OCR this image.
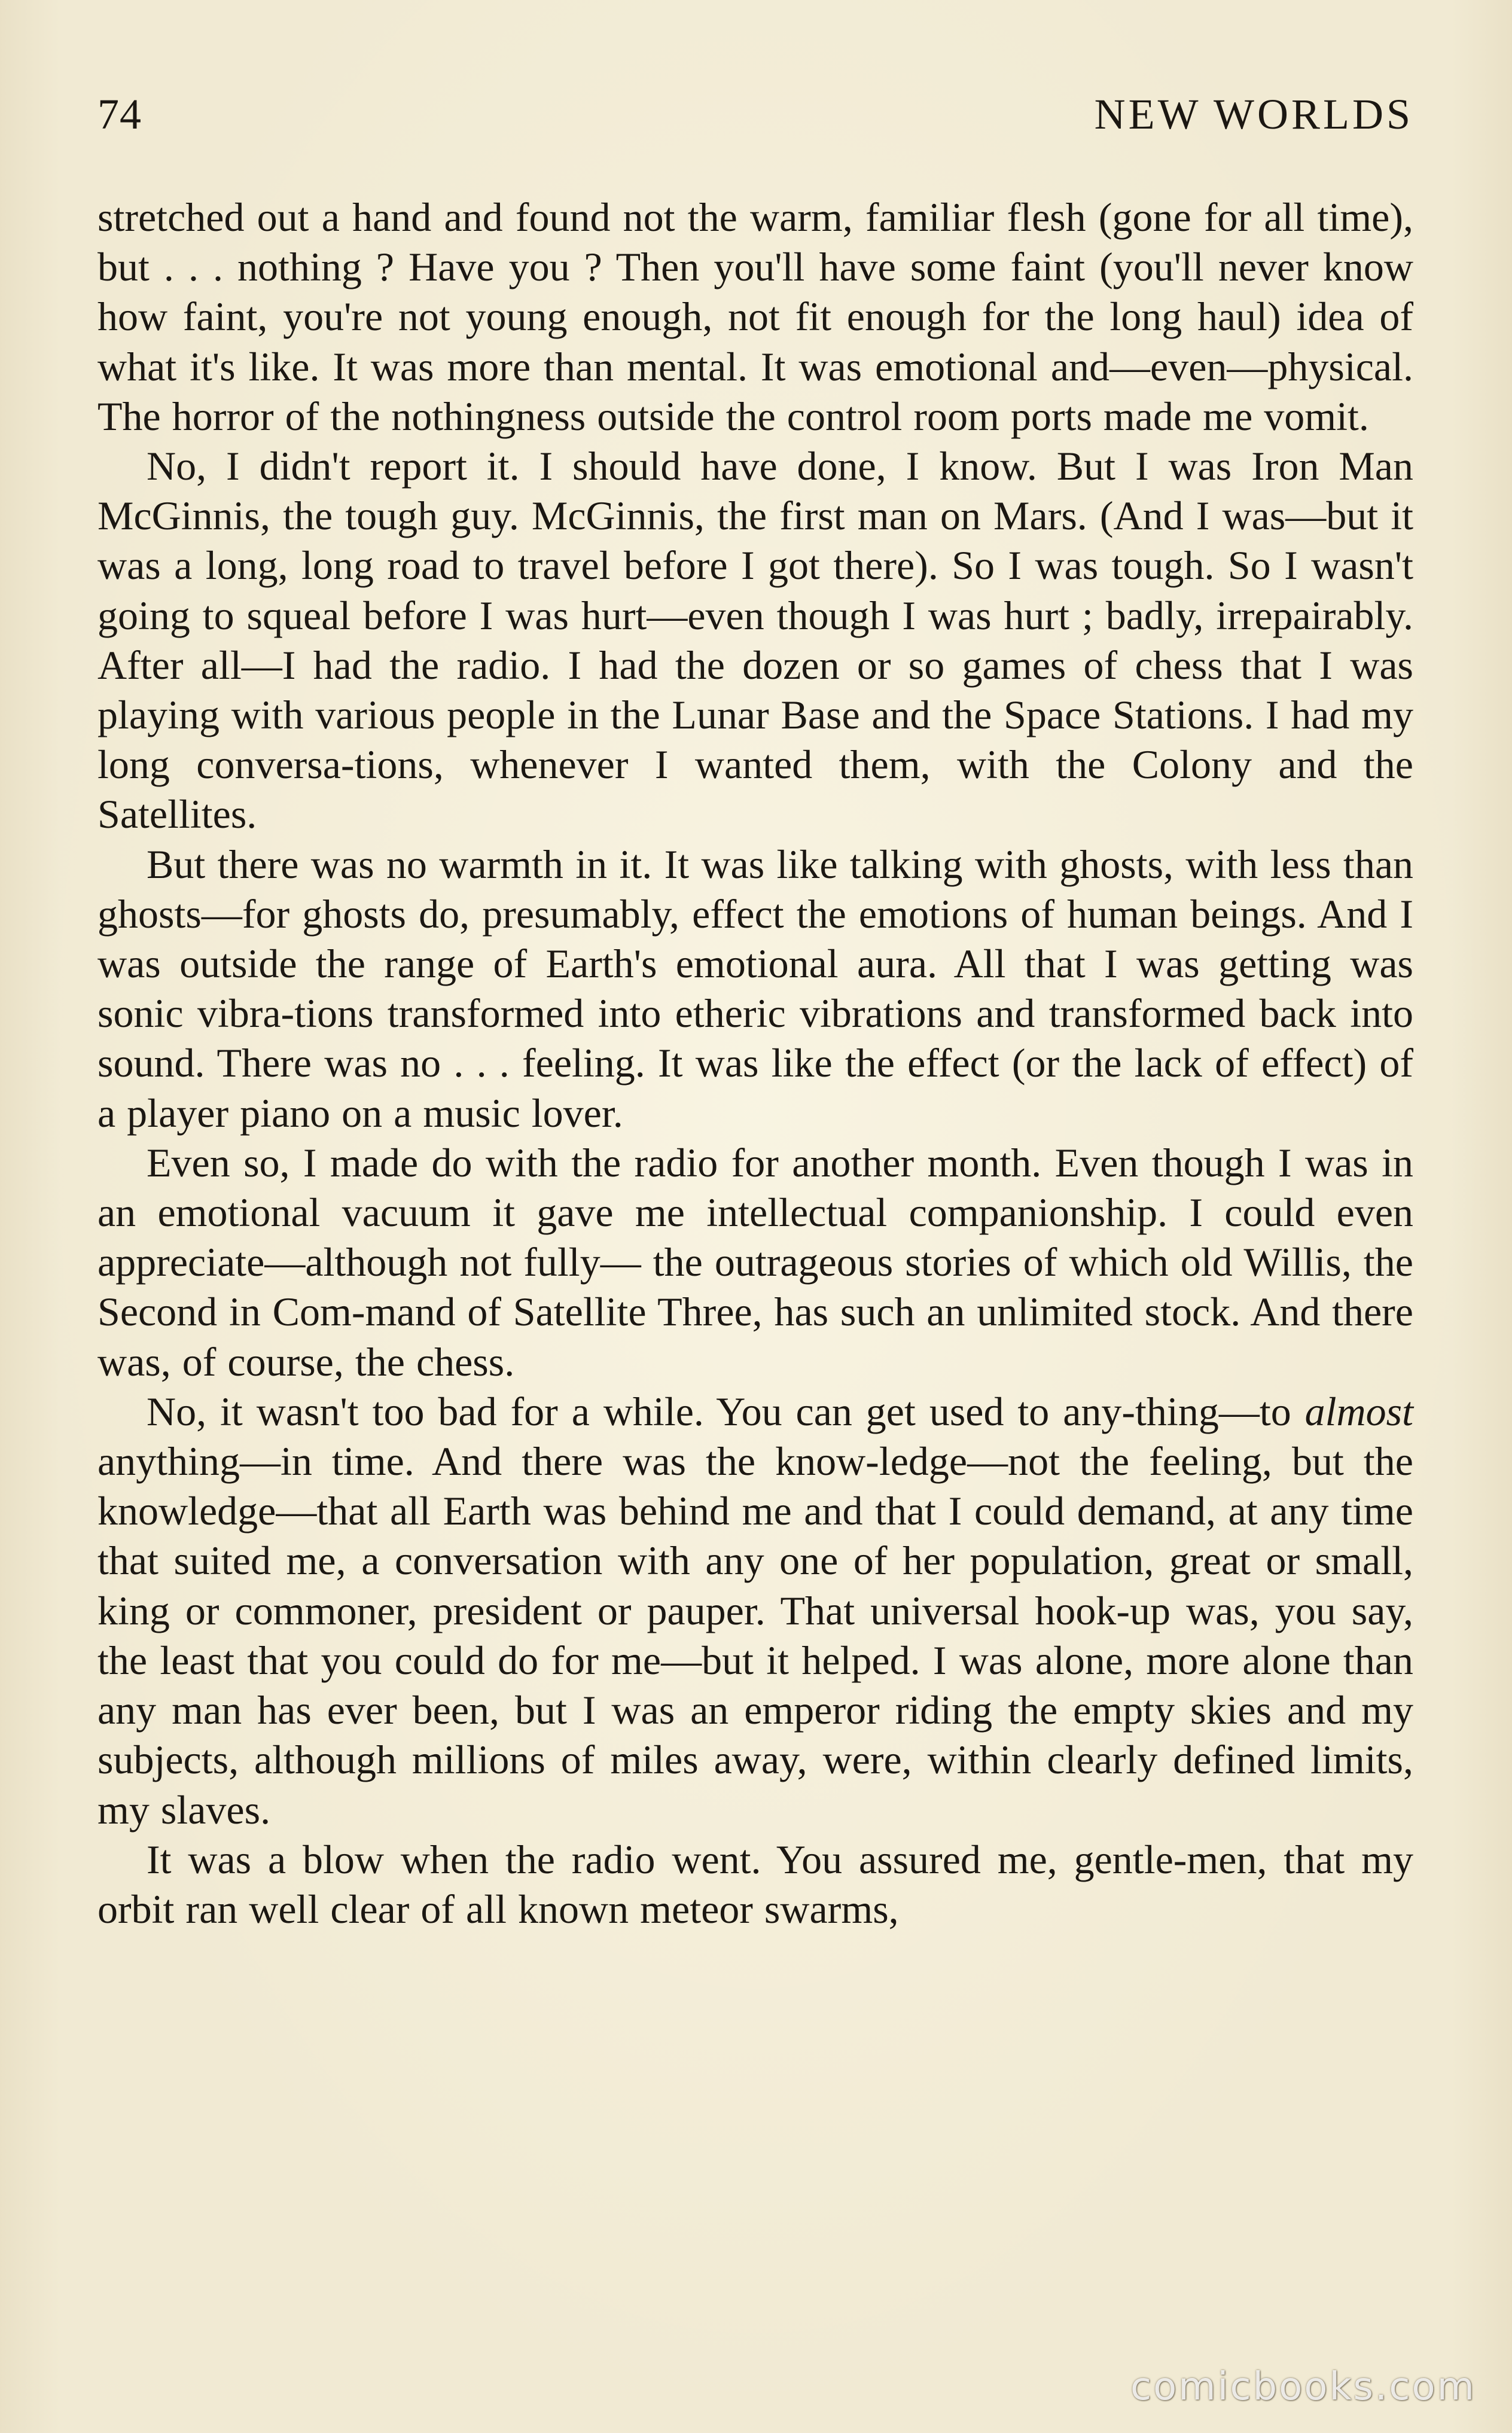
74	NEW WORLDS

stretched out a hand and found not the warm, familiar flesh (gone for all time), but . . . nothing ? Have you ? Then you'll have some faint (you'll never know how faint, you're not young enough, not fit enough for the long haul) idea of what it's like. It was more than mental. It was emotional and—even—physical. The horror of the nothingness outside the control room ports made me vomit.

No, I didn't report it. I should have done, I know. But I was Iron Man McGinnis, the tough guy. McGinnis, the first man on Mars. (And I was—but it was a long, long road to travel before I got there). So I was tough. So I wasn't going to squeal before I was hurt—even though I was hurt ; badly, irrepairably. After all—I had the radio. I had the dozen or so games of chess that I was playing with various people in the Lunar Base and the Space Stations. I had my long conversa-tions, whenever I wanted them, with the Colony and the Satellites.

But there was no warmth in it. It was like talking with ghosts, with less than ghosts—for ghosts do, presumably, effect the emotions of human beings. And I was outside the range of Earth's emotional aura. All that I was getting was sonic vibra-tions transformed into etheric vibrations and transformed back into sound. There was no . . . feeling. It was like the effect (or the lack of effect) of a player piano on a music lover.

Even so, I made do with the radio for another month. Even though I was in an emotional vacuum it gave me intellectual companionship. I could even appreciate—although not fully— the outrageous stories of which old Willis, the Second in Com-mand of Satellite Three, has such an unlimited stock. And there was, of course, the chess.

No, it wasn't too bad for a while. You can get used to any-thing—to almost anything—in time. And there was the know-ledge—not the feeling, but the knowledge—that all Earth was behind me and that I could demand, at any time that suited me, a conversation with any one of her population, great or small, king or commoner, president or pauper. That universal hook-up was, you say, the least that you could do for me—but it helped. I was alone, more alone than any man has ever been, but I was an emperor riding the empty skies and my subjects, although millions of miles away, were, within clearly defined limits, my slaves.

It was a blow when the radio went. You assured me, gentle-men, that my orbit ran well clear of all known meteor swarms,

comicbooks.com
